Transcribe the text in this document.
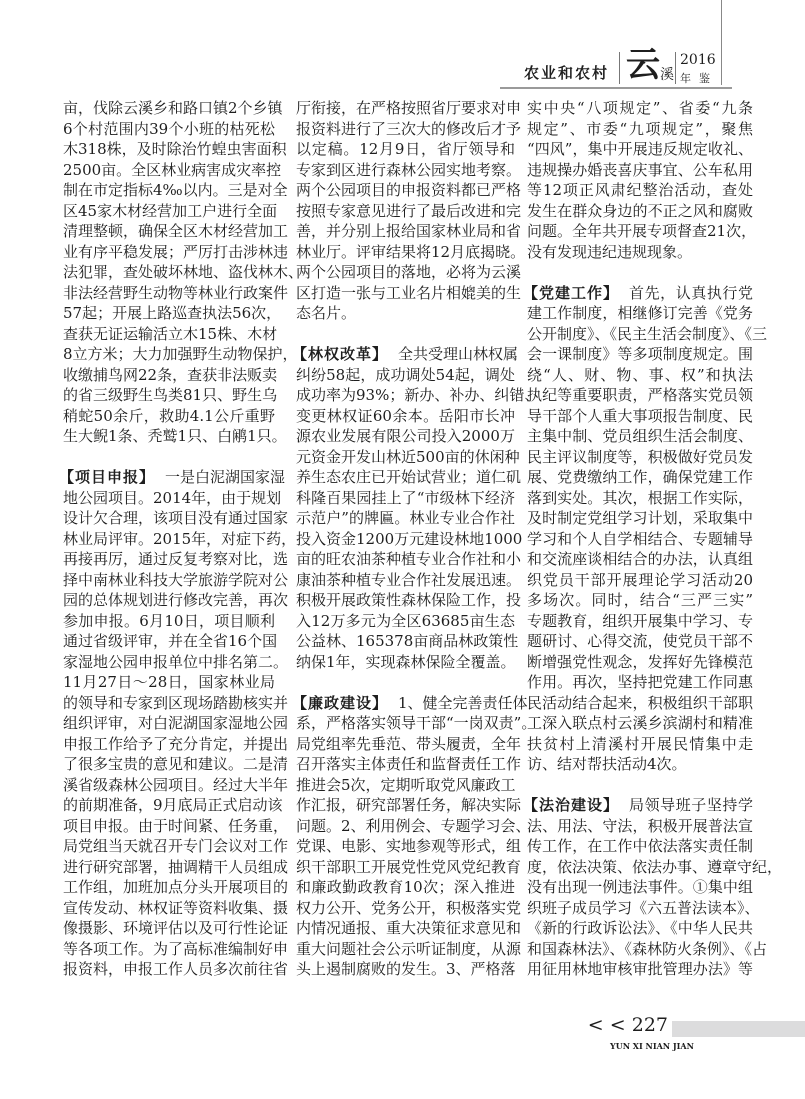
农业和农村 云 溪
2016
年鉴
亩，伐除云溪乡和路口镇2个乡镇
6个村范围内39个小班的枯死松
木318株，及时除治竹蝗虫害面积
2500亩。全区林业病害成灾率控
制在市定指标4‰以内。三是对全
区45家木材经营加工户进行全面
清理整顿，确保全区木材经营加工
业有序平稳发展；严厉打击涉林违
法犯罪，查处破坏林地、盗伐林木、
非法经营野生动物等林业行政案件
57起；开展上路巡查执法56次，
查获无证运输活立木15株、木材
8立方米；大力加强野生动物保护，
收缴捕鸟网22条，查获非法贩卖
的省三级野生鸟类81只、野生乌
稍蛇50余斤，救助4.1公斤重野
生大鲵1条、秃鹫1只、白鹇1只。
【项目申报】 一是白泥湖国家湿
地公园项目。2014年，由于规划
设计欠合理，该项目没有通过国家
林业局评审。2015年，对症下药，
再接再厉，通过反复考察对比，选
择中南林业科技大学旅游学院对公
园的总体规划进行修改完善，再次
参加申报。6月10日，项目顺利
通过省级评审，并在全省16个国
家湿地公园申报单位中排名第二。
11月27日～28日，国家林业局
的领导和专家到区现场踏勘核实并
组织评审，对白泥湖国家湿地公园
申报工作给予了充分肯定，并提出
了很多宝贵的意见和建议。二是清
溪省级森林公园项目。经过大半年
的前期准备，9月底局正式启动该
项目申报。由于时间紧、任务重，
局党组当天就召开专门会议对工作
进行研究部署，抽调精干人员组成
工作组，加班加点分头开展项目的
宣传发动、林权证等资料收集、摄
像摄影、环境评估以及可行性论证
等各项工作。为了高标准编制好申
报资料，申报工作人员多次前往省
厅衔接，在严格按照省厅要求对申
报资料进行了三次大的修改后才予
以定稿。12月9日，省厅领导和
专家到区进行森林公园实地考察。
两个公园项目的申报资料都已严格
按照专家意见进行了最后改进和完
善，并分别上报给国家林业局和省
林业厅。评审结果将12月底揭晓。
两个公园项目的落地，必将为云溪
区打造一张与工业名片相媲美的生
态名片。
【林权改革】 全共受理山林权属
纠纷58起，成功调处54起，调处
成功率为93%；新办、补办、纠错、
变更林权证60余本。岳阳市长冲
源农业发展有限公司投入2000万
元资金开发山林近500亩的休闲种
养生态农庄已开始试营业；道仁矶
科隆百果园挂上了“市级林下经济
示范户”的牌匾。林业专业合作社
投入资金1200万元建设林地1000
亩的旺农油茶种植专业合作社和小
康油茶种植专业合作社发展迅速。
积极开展政策性森林保险工作，投
入12万多元为全区63685亩生态
公益林、165378亩商品林政策性
纳保1年，实现森林保险全覆盖。
【廉政建设】 1、健全完善责任体
系，严格落实领导干部“一岗双责”。
局党组率先垂范、带头履责，全年
召开落实主体责任和监督责任工作
推进会5次，定期听取党风廉政工
作汇报，研究部署任务，解决实际
问题。2、利用例会、专题学习会、
党课、电影、实地参观等形式，组
织干部职工开展党性党风党纪教育
和廉政勤政教育10次；深入推进
权力公开、党务公开，积极落实党
内情况通报、重大决策征求意见和
重大问题社会公示听证制度，从源
头上遏制腐败的发生。3、严格落
实中央“八项规定”、省委“九条
规定”、市委“九项规定”，聚焦
“四风”，集中开展违反规定收礼、
违规操办婚丧喜庆事宜、公车私用
等12项正风肃纪整治活动，查处
发生在群众身边的不正之风和腐败
问题。全年共开展专项督查21次，
没有发现违纪违规现象。
【党建工作】 首先，认真执行党
建工作制度，相继修订完善《党务
公开制度》、《民主生活会制度》、《三
会一课制度》等多项制度规定。围
绕“人、财、物、事、权”和执法
执纪等重要职责，严格落实党员领
导干部个人重大事项报告制度、民
主集中制、党员组织生活会制度、
民主评议制度等，积极做好党员发
展、党费缴纳工作，确保党建工作
落到实处。其次，根据工作实际，
及时制定党组学习计划，采取集中
学习和个人自学相结合、专题辅导
和交流座谈相结合的办法，认真组
织党员干部开展理论学习活动20
多场次。同时，结合“三严三实”
专题教育，组织开展集中学习、专
题研讨、心得交流，使党员干部不
断增强党性观念，发挥好先锋模范
作用。再次，坚持把党建工作同惠
民活动结合起来，积极组织干部职
工深入联点村云溪乡滨湖村和精准
扶贫村上清溪村开展民情集中走
访、结对帮扶活动4次。
【法治建设】 局领导班子坚持学
法、用法、守法，积极开展普法宣
传工作，在工作中依法落实责任制
度，依法决策、依法办事、遵章守纪，
没有出现一例违法事件。①集中组
织班子成员学习《六五普法读本》、
《新的行政诉讼法》、《中华人民共
和国森林法》、《森林防火条例》、《占
用征用林地审核审批管理办法》等
< < 227
YUN XI NIAN JIAN
